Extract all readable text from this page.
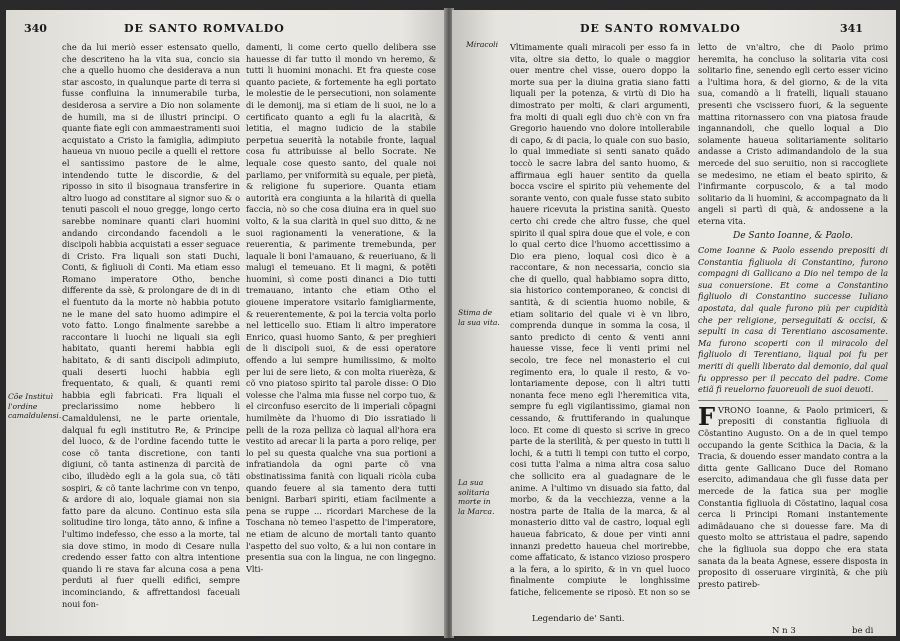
340	DE SANTO ROMVALDO
Cõe Instituì l'ordine camaldulensi.

che da lui meriò esser estensato quello, che descriteno ha la vita sua, concio sia che a quello huomo che desiderava a nun star ascosto, in qualunque parte di terra si fusse confluina la innumerabile turba, desiderosa a servire a Dio non solamente de humili, ma si de illustri principi. O quante fiate egli con ammaestramenti suoi acquistato a Cristo la famiglia, adimpiuto haueua vn nuouo pecile a quelli el rettore el santissimo pastore de le alme, intendendo tutte le discordie, & del riposso in sito il bisognaua transferire in altro luogo ad constitare al signor suo & o tenuti pascoli el nouo gregge, longo certo sarebbe nominare quanti clari huomini andando circondando facendoli a le discipoli habbia acquistati a esser seguace di Cristo. Fra liquali son stati Duchi, Conti, & figliuoli di Conti. Ma etiam esso Romano imperatore Otho, benche differente da ssè, & prolongare de di in di el fuentuto da la morte nò habbia potuto ne le mane del sato huomo adimpire el voto fatto. Longo finalmente sarebbe a raccontare li luochi ne liquali sia egli habitato, quanti heremi habbia egli habitato, & di santi discipoli adimpiuto, quali deserti luochi habbia egli frequentato, & quali, & quanti remi habbia egli fabricati. Fra liquali el preclarissimo nome hebbero li Camaldulensi, ne le parte orientale, dalqual fu egli institutro Re, & Principe del luoco, & de l'ordine facendo tutte le cose cõ tanta discretione, con tanti digiuni, cõ tanta astinenza di parcità de cibo, illudèdo egli a la gola sua, cõ tãti sospiri, & cõ tante lachrime con vn tenpo, & ardore di aio, loquale giamai non sia fatto pare da alcuno. Continuo esta sila solitudine tiro longa, tãto anno, & infine a l'ultimo indefesso, che esso a la morte, tal sia dove stimo, in modo di Cesare nulla credendo esser fatto con altra intentione quando li re stava far alcuna cosa a pena perduti al fuer quelli edifici, sempre incominciando, & affrettandosi faceuali noui fon-

damenti, li come certo quello delibera sse hauesse di far tutto il mondo vn heremo, & tutti li huomini monachi. Et fra queste cose quanto paciete, & fortemente ha egli portato le molestie de le persecutioni, non solamente di le demonij, ma si etiam de li suoi, ne lo a certificato quanto a egli fu la alacrità, & letitia, el magno iudicio de la stabile perpetua seuerità la notabile fronte, laqual cosa fu attribuisse al bello Socrate. Ne lequale cose questo santo, del quale noi parliamo, per vniformità su equale, per pietà, & religione fu superiore. Quanta etiam autorità era congiunta a la hilarità di quella faccia, nò so che cosa diuina era in quel suo volto, & la sua clarità in quel suo ditto, & ne suoi ragionamenti la veneratione, & la reuerentia, & parimente tremebunda, per laquale li boni l'amauano, & reueriuano, & li malugi el temeuano. Et li magni, & potẽti huomini, sì come posti dinanci a Dio tutti tremauano, intanto che etiam Otho el giouene imperatore vsitarlo famigliarmente, & reuerentemente, & poi la tercia volta porlo nel letticello suo. Etiam li altro imperatore Enrico, quasi huomo Santo, & per preghieri de li discipoli suoi, & de essi operatore offendo a lui sempre humilissimo, & molto per lui de sere lieto, & con molta riuerèza, & cõ vno piatoso spirito tal parole disse: O Dio volesse che l'alma mia fusse nel corpo tuo, & el circonfuso esercito de li imperiali cõpagni humilmète da l'huomo di Dio issratiado li pelli de la roza pelliza cò laqual all'hora era vestito ad arecar li la parta a poro reliqe, per lo pel su questa qualche vna sua portioni a infratiandola da ogni parte cõ vna obstinatissima fanità con liquali ricòla cuba quando feuere al sia tamento dera tutti benigni. Barbari spiriti, etiam facilmente a pena se ruppe ... ricordari Marchese de la Toschana nò temeo l'aspetto de l'imperatore, ne etiam de alcuno de mortali tanto quanto l'aspetto del suo volto, & a lui non contare in presentia sua con la lingua, ne con lingegno. Vlti-

DE SANTO ROMVALDO	341
Miracoli
Stima de la sua vita.
La sua solitaria morte in la Marca.

Vltimamente quali miracoli per esso fa in vita, oltre sia detto, lo quale o maggior ouer mentre chel visse, ouero doppo la morte sua per la diuina gratia siano fatti liquali per la potenza, & virtù di Dio ha dimostrato per molti, & clari argumenti, fra molti di quali egli duo ch'è con vn fra Gregorio hauendo vno dolore intollerabile di capo, & di pacia, lo quale con suo basio, lo qual immediate si senti sanato quãdo toccò le sacre labra del santo huomo, & affirmaua egli hauer sentito da quella bocca vscire el spirito più vehemente del sorante vento, con quale fusse stato subito hauere ricevuta la pristina sanità. Questo certo chi crede che altro fusse, che quel spirito il qual spira doue que el vole, e con lo qual certo dice l'huomo accettissimo a Dio era pieno, loqual così dico è a raccontare, & non necessaria, concio sia che di quello, qual habbiamo sopra ditto, sia historico contemporaneo, & concisi di santità, & di scientia huomo nobile, & etiam solitario del quale vi è vn libro, comprenda dunque in somma la cosa, il santo predicto di cento & venti anni hauesse visse, fece li venti primi nel secolo, tre fece nel monasterio el cui regimento era, lo quale il resto, & vo-lontariamente depose, con li altri tutti nonanta fece meno egli l'heremitica vita, sempre fu egli vigilantissimo, giamai non cessando, & fruttiferando in qualunque loco. Et come di questo si scrive in greco parte de la sterilità, & per questo in tutti li lochi, & a tutti li tempi con tutto el corpo, cosi tutta l'alma a nima altra cosa saluo che sollicito era al guadagnare de le anime. A l'ultimo vn disuado sia fatto, dal morbo, & da la vecchiezza, venne a la nostra parte de Italia de la marca, & al monasterio ditto val de castro, loqual egli haueua fabricato, & doue per vinti anni innanzi predetto haueua chel morirebbe, come affaticato, & istanco vizioso prospero a la fera, a lo spirito, & in vn quel luoco finalmente compiute le longhissime fatiche, felicemente se riposò. Et non so se

Legendario de' Santi.

letto de vn'altro, che di Paolo primo heremita, ha concluso la solitaria vita cosi solitario fine, senendo egli certo esser vicino a l'ultima hora, & del giorno, & de la vita sua, comandò a li fratelli, liquali stauano presenti che vscissero fuori, & la seguente mattina ritornassero con vna piatosa fraude ingannandoli, che quello loqual a Dio solamente haueua solitariamente solitario andasse a Cristo adimandandolo de la sua mercede del suo seruitio, non si raccogliete se medesimo, ne etiam el beato spirito, & l'infirmante corpuscolo, & a tal modo solitario da li huomini, & accompagnato da li angeli si partì di quà, & andossene a la eterna vita.

De Santo Ioanne, & Paolo.

Come Ioanne & Paolo essendo prepositi di Constantia figliuola di Constantino, furono compagni di Gallicano a Dio nel tempo de la sua conuersione. Et come a Constantino figliuolo di Constantino successe Iuliano apostata, dal quale furono più per cupidità che per religione, perseguitati & occisi, & sepulti in casa di Terentiano ascosamente. Ma furono scoperti con il miracolo del figliuolo di Terentiano, liqual poi fu per meriti di quelli liberato dal demonio, dal qual fu oppresso per il peccato del padre. Come etiã fi reuelorno fauoreuoli de suoi deuoti.

FVRONO Ioanne, & Paolo primiceri, & prepositi di constantia figliuola di Cõstantino Augusto. On a de in quel tempo occupando la gente Scithica la Dacia, & la Tracia, & douendo esser mandato contra a la ditta gente Gallicano Duce del Romano esercito, adimandaua che gli fusse data per mercede de la fatica sua per moglie Constantia figliuola di Cõstatino, laqual cosa cerca li Principi Romani instantemente adimãdauano che si douesse fare. Ma di questo molto se attristaua el padre, sapendo che la figliuola sua doppo che era stata sanata da la beata Agnese, essere disposta in proposito di osseruare virginità, & che più presto patireb-

N n 3	be di
